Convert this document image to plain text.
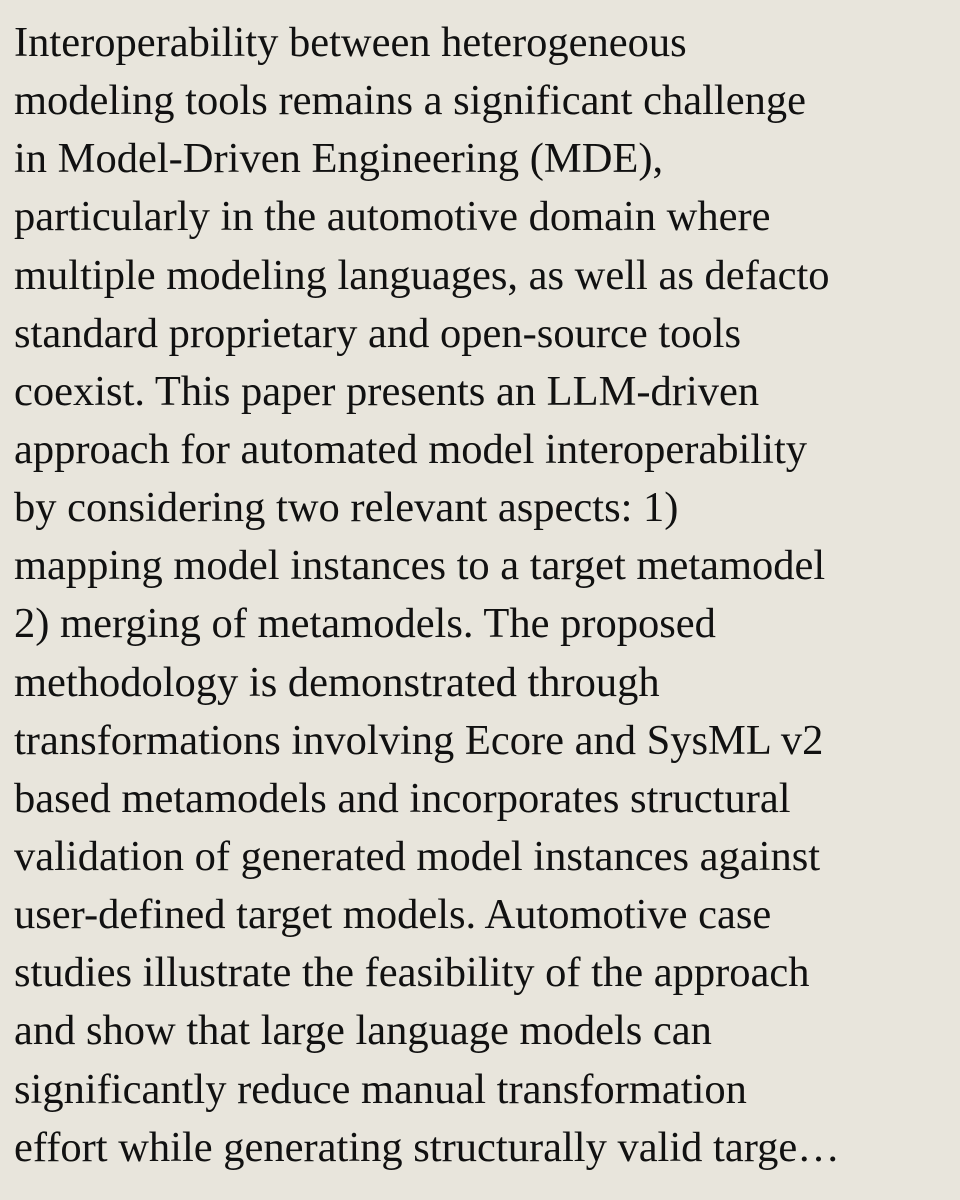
Interoperability between heterogeneous
modeling tools remains a significant challenge
in Model-Driven Engineering (MDE),
particularly in the automotive domain where
multiple modeling languages, as well as defacto
standard proprietary and open-source tools
coexist. This paper presents an LLM-driven
approach for automated model interoperability
by considering two relevant aspects: 1)
mapping model instances to a target metamodel
2) merging of metamodels. The proposed
methodology is demonstrated through
transformations involving Ecore and SysML v2
based metamodels and incorporates structural
validation of generated model instances against
user-defined target models. Automotive case
studies illustrate the feasibility of the approach
and show that large language models can
significantly reduce manual transformation
effort while generating structurally valid targe…
